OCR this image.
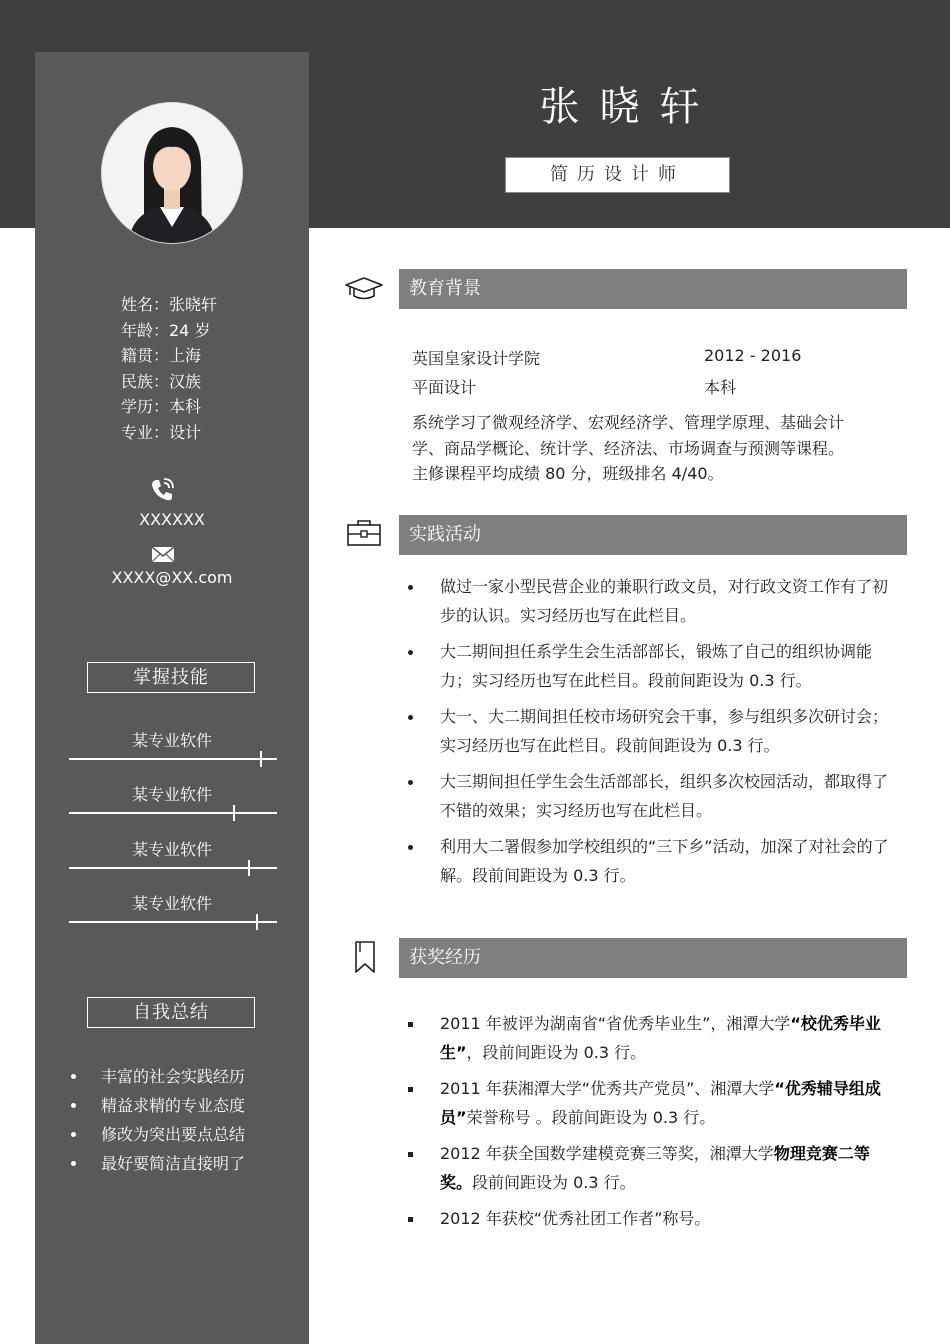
姓名：张晓轩
年龄：24 岁
籍贯：上海
民族：汉族
学历：本科
专业：设计
XXXXXX
XXXX@XX.com
掌握技能
某专业软件
某专业软件
某专业软件
某专业软件
自我总结
丰富的社会实践经历
精益求精的专业态度
修改为突出要点总结
最好要简洁直接明了
张晓轩
简历设计师
教育背景
英国皇家设计学院	2012 - 2016
平面设计	本科
系统学习了微观经济学、宏观经济学、管理学原理、基础会计
学、商品学概论、统计学、经济法、市场调查与预测等课程。
主修课程平均成绩 80 分，班级排名 4/40。
实践活动
做过一家小型民营企业的兼职行政文员，对行政文资工作有了初步的认识。实习经历也写在此栏目。
大二期间担任系学生会生活部部长，锻炼了自己的组织协调能力；实习经历也写在此栏目。段前间距设为 0.3 行。
大一、大二期间担任校市场研究会干事，参与组织多次研讨会；实习经历也写在此栏目。段前间距设为 0.3 行。
大三期间担任学生会生活部部长，组织多次校园活动，都取得了不错的效果；实习经历也写在此栏目。
利用大二署假参加学校组织的“三下乡”活动，加深了对社会的了解。段前间距设为 0.3 行。
获奖经历
2011 年被评为湖南省“省优秀毕业生”，湘潭大学“校优秀毕业生”，段前间距设为 0.3 行。
2011 年获湘潭大学“优秀共产党员”、湘潭大学“优秀辅导组成员”荣誉称号 。段前间距设为 0.3 行。
2012 年获全国数学建模竞赛三等奖，湘潭大学物理竞赛二等奖。段前间距设为 0.3 行。
2012 年获校“优秀社团工作者”称号。
